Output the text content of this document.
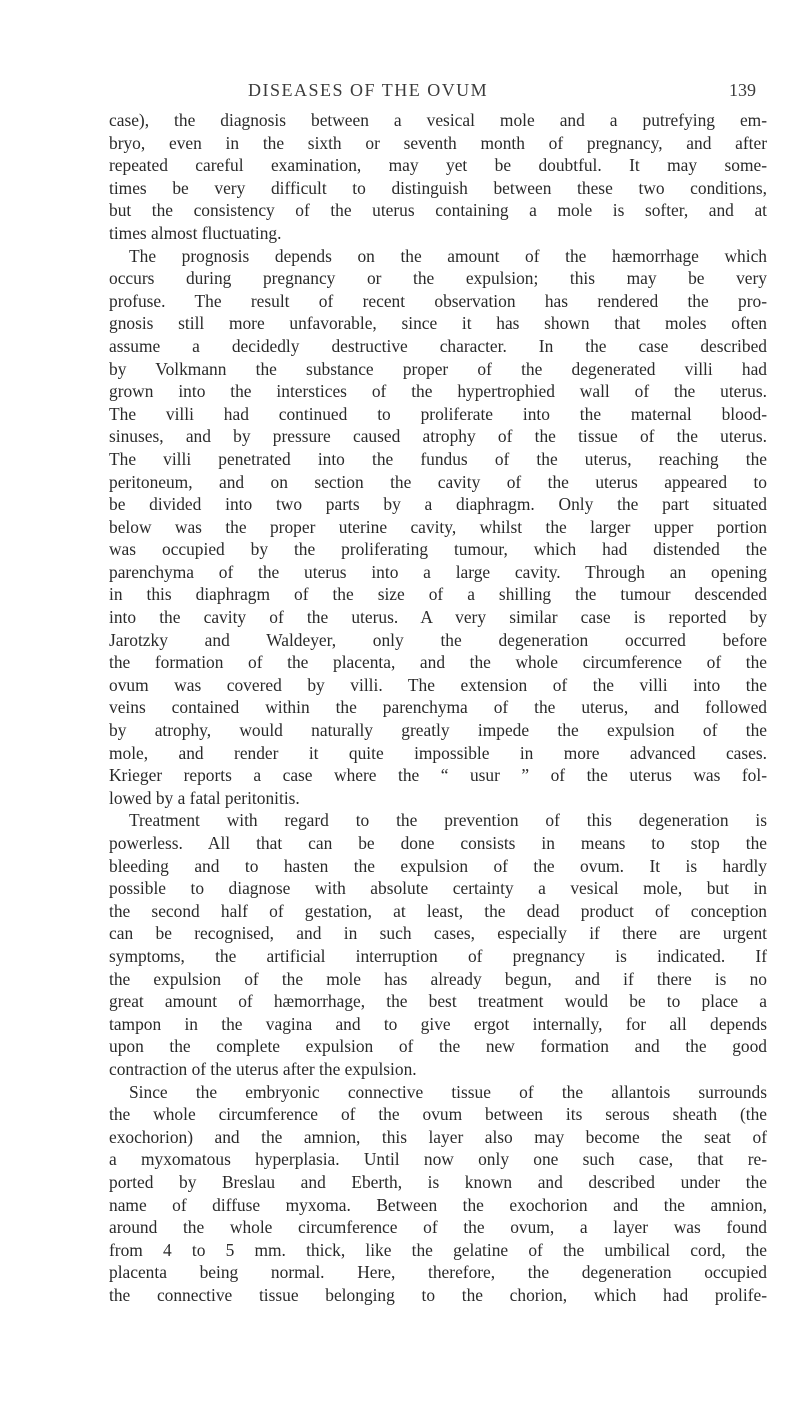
DISEASES OF THE OVUM	139
case), the diagnosis between a vesical mole and a putrefying em-
bryo, even in the sixth or seventh month of pregnancy, and after
repeated careful examination, may yet be doubtful. It may some-
times be very difficult to distinguish between these two conditions,
but the consistency of the uterus containing a mole is softer, and at
times almost fluctuating.
The prognosis depends on the amount of the hæmorrhage which
occurs during pregnancy or the expulsion; this may be very
profuse. The result of recent observation has rendered the pro-
gnosis still more unfavorable, since it has shown that moles often
assume a decidedly destructive character. In the case described
by Volkmann the substance proper of the degenerated villi had
grown into the interstices of the hypertrophied wall of the uterus.
The villi had continued to proliferate into the maternal blood-
sinuses, and by pressure caused atrophy of the tissue of the uterus.
The villi penetrated into the fundus of the uterus, reaching the
peritoneum, and on section the cavity of the uterus appeared to
be divided into two parts by a diaphragm. Only the part situated
below was the proper uterine cavity, whilst the larger upper portion
was occupied by the proliferating tumour, which had distended the
parenchyma of the uterus into a large cavity. Through an opening
in this diaphragm of the size of a shilling the tumour descended
into the cavity of the uterus. A very similar case is reported by
Jarotzky and Waldeyer, only the degeneration occurred before
the formation of the placenta, and the whole circumference of the
ovum was covered by villi. The extension of the villi into the
veins contained within the parenchyma of the uterus, and followed
by atrophy, would naturally greatly impede the expulsion of the
mole, and render it quite impossible in more advanced cases.
Krieger reports a case where the “ usur ” of the uterus was fol-
lowed by a fatal peritonitis.
Treatment with regard to the prevention of this degeneration is
powerless. All that can be done consists in means to stop the
bleeding and to hasten the expulsion of the ovum. It is hardly
possible to diagnose with absolute certainty a vesical mole, but in
the second half of gestation, at least, the dead product of conception
can be recognised, and in such cases, especially if there are urgent
symptoms, the artificial interruption of pregnancy is indicated. If
the expulsion of the mole has already begun, and if there is no
great amount of hæmorrhage, the best treatment would be to place a
tampon in the vagina and to give ergot internally, for all depends
upon the complete expulsion of the new formation and the good
contraction of the uterus after the expulsion.
Since the embryonic connective tissue of the allantois surrounds
the whole circumference of the ovum between its serous sheath (the
exochorion) and the amnion, this layer also may become the seat of
a myxomatous hyperplasia. Until now only one such case, that re-
ported by Breslau and Eberth, is known and described under the
name of diffuse myxoma. Between the exochorion and the amnion,
around the whole circumference of the ovum, a layer was found
from 4 to 5 mm. thick, like the gelatine of the umbilical cord, the
placenta being normal. Here, therefore, the degeneration occupied
the connective tissue belonging to the chorion, which had prolife-
